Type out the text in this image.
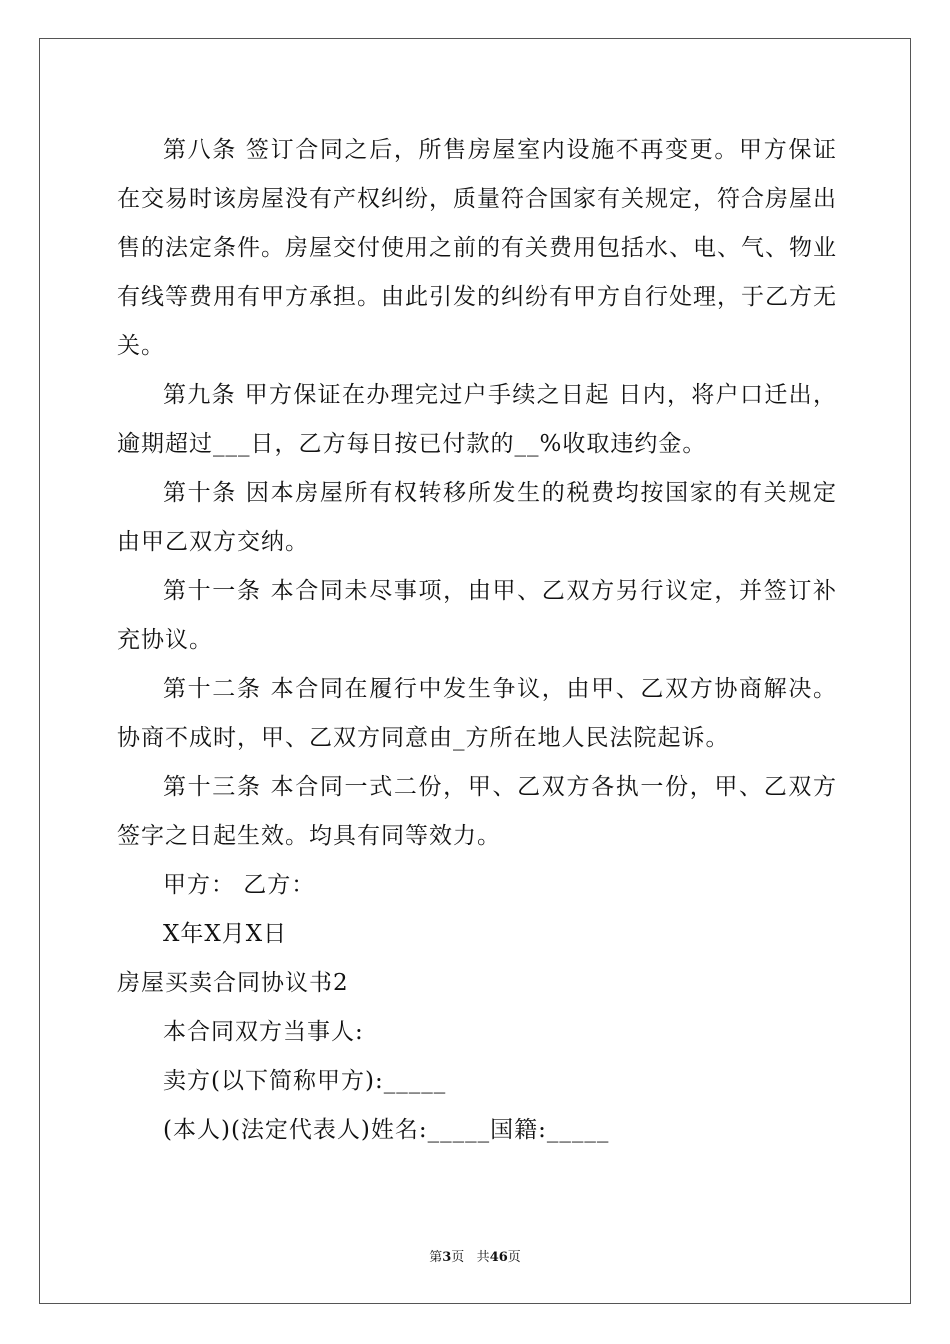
第八条 签订合同之后，所售房屋室内设施不再变更。甲方保证在交易时该房屋没有产权纠纷，质量符合国家有关规定，符合房屋出售的法定条件。房屋交付使用之前的有关费用包括水、电、气、物业有线等费用有甲方承担。由此引发的纠纷有甲方自行处理，于乙方无关。

第九条 甲方保证在办理完过户手续之日起 日内，将户口迁出，逾期超过___日，乙方每日按已付款的__%收取违约金。

第十条 因本房屋所有权转移所发生的税费均按国家的有关规定由甲乙双方交纳。

第十一条 本合同未尽事项，由甲、乙双方另行议定，并签订补充协议。

第十二条 本合同在履行中发生争议，由甲、乙双方协商解决。协商不成时，甲、乙双方同意由_方所在地人民法院起诉。

第十三条 本合同一式二份，甲、乙双方各执一份，甲、乙双方签字之日起生效。均具有同等效力。

甲方： 乙方：

X年X月X日

房屋买卖合同协议书2

本合同双方当事人:

卖方(以下简称甲方):_____

(本人)(法定代表人)姓名:_____国籍:_____

第3页 共46页
